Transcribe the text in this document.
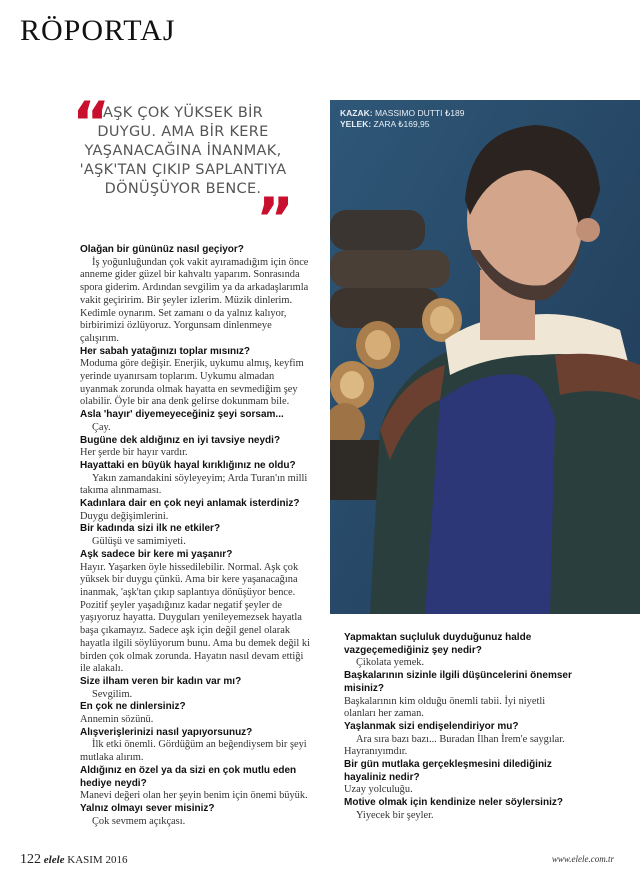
RÖPORTAJ
“

AŞK ÇOK YÜKSEK BİR DUYGU. AMA BİR KERE YAŞANACAĞINA İNANMAK, 'AŞK'TAN ÇIKIP SAPLANTIYA DÖNÜŞÜYOR BENCE.

”

Olağan bir gününüz nasıl geçiyor?

İş yoğunluğundan çok vakit ayıramadığım için önce anneme gider güzel bir kahvaltı yaparım. Sonrasında spora giderim. Ardından sevgilim ya da arkadaşlarımla vakit geçiririm. Bir şeyler izlerim. Müzik dinlerim. Kedimle oynarım. Set zamanı o da yalnız kalıyor, birbirimizi özlüyoruz. Yorgunsam dinlenmeye çalışırım.

Her sabah yatağınızı toplar mısınız?

Moduma göre değişir. Enerjik, uykumu almış, keyfim yerinde uyanırsam toplarım. Uykumu almadan uyanmak zorunda olmak hayatta en sevmediğim şey olabilir. Öyle bir ana denk gelirse dokunmam bile.

Asla 'hayır' diyemeyeceğiniz şeyi sorsam...

Çay.

Bugüne dek aldığınız en iyi tavsiye neydi?

Her şerde bir hayır vardır.

Hayattaki en büyük hayal kırıklığınız ne oldu?

Yakın zamandakini söyleyeyim; Arda Turan'ın milli takıma alınmaması.

Kadınlara dair en çok neyi anlamak isterdiniz?

Duygu değişimlerini.

Bir kadında sizi ilk ne etkiler?

Gülüşü ve samimiyeti.

Aşk sadece bir kere mi yaşanır?

Hayır. Yaşarken öyle hissedilebilir. Normal. Aşk çok yüksek bir duygu çünkü. Ama bir kere yaşanacağına inanmak, 'aşk'tan çıkıp saplantıya dönüşüyor bence. Pozitif şeyler yaşadığınız kadar negatif şeyler de yaşıyoruz hayatta. Duyguları yenileyemezsek hayatla başa çıkamayız. Sadece aşk için değil genel olarak hayatla ilgili söylüyorum bunu. Ama bu demek değil ki birden çok olmak zorunda. Hayatın nasıl devam ettiği ile alakalı.

Size ilham veren bir kadın var mı?

Sevgilim.

En çok ne dinlersiniz?

Annemin sözünü.

Alışverişlerinizi nasıl yapıyorsunuz?

İlk etki önemli. Gördüğüm an beğendiysem bir şeyi mutlaka alırım.

Aldığınız en özel ya da sizi en çok mutlu eden hediye neydi?

Manevi değeri olan her şeyin benim için önemi büyük.

Yalnız olmayı sever misiniz?

Çok sevmem açıkçası.

KAZAK: MASSIMO DUTTI ₺189
YELEK: ZARA ₺169,95

Yapmaktan suçluluk duyduğunuz halde vazgeçemediğiniz şey nedir?

Çikolata yemek.

Başkalarının sizinle ilgili düşüncelerini önemser misiniz?

Başkalarının kim olduğu önemli tabii. İyi niyetli olanları her zaman.

Yaşlanmak sizi endişelendiriyor mu?

Ara sıra bazı bazı... Buradan İlhan İrem'e saygılar. Hayranıyımdır.

Bir gün mutlaka gerçekleşmesini dilediğiniz hayaliniz nedir?

Uzay yolculuğu.

Motive olmak için kendinize neler söylersiniz?

Yiyecek bir şeyler.

122 elele KASIM 2016	www.elele.com.tr
